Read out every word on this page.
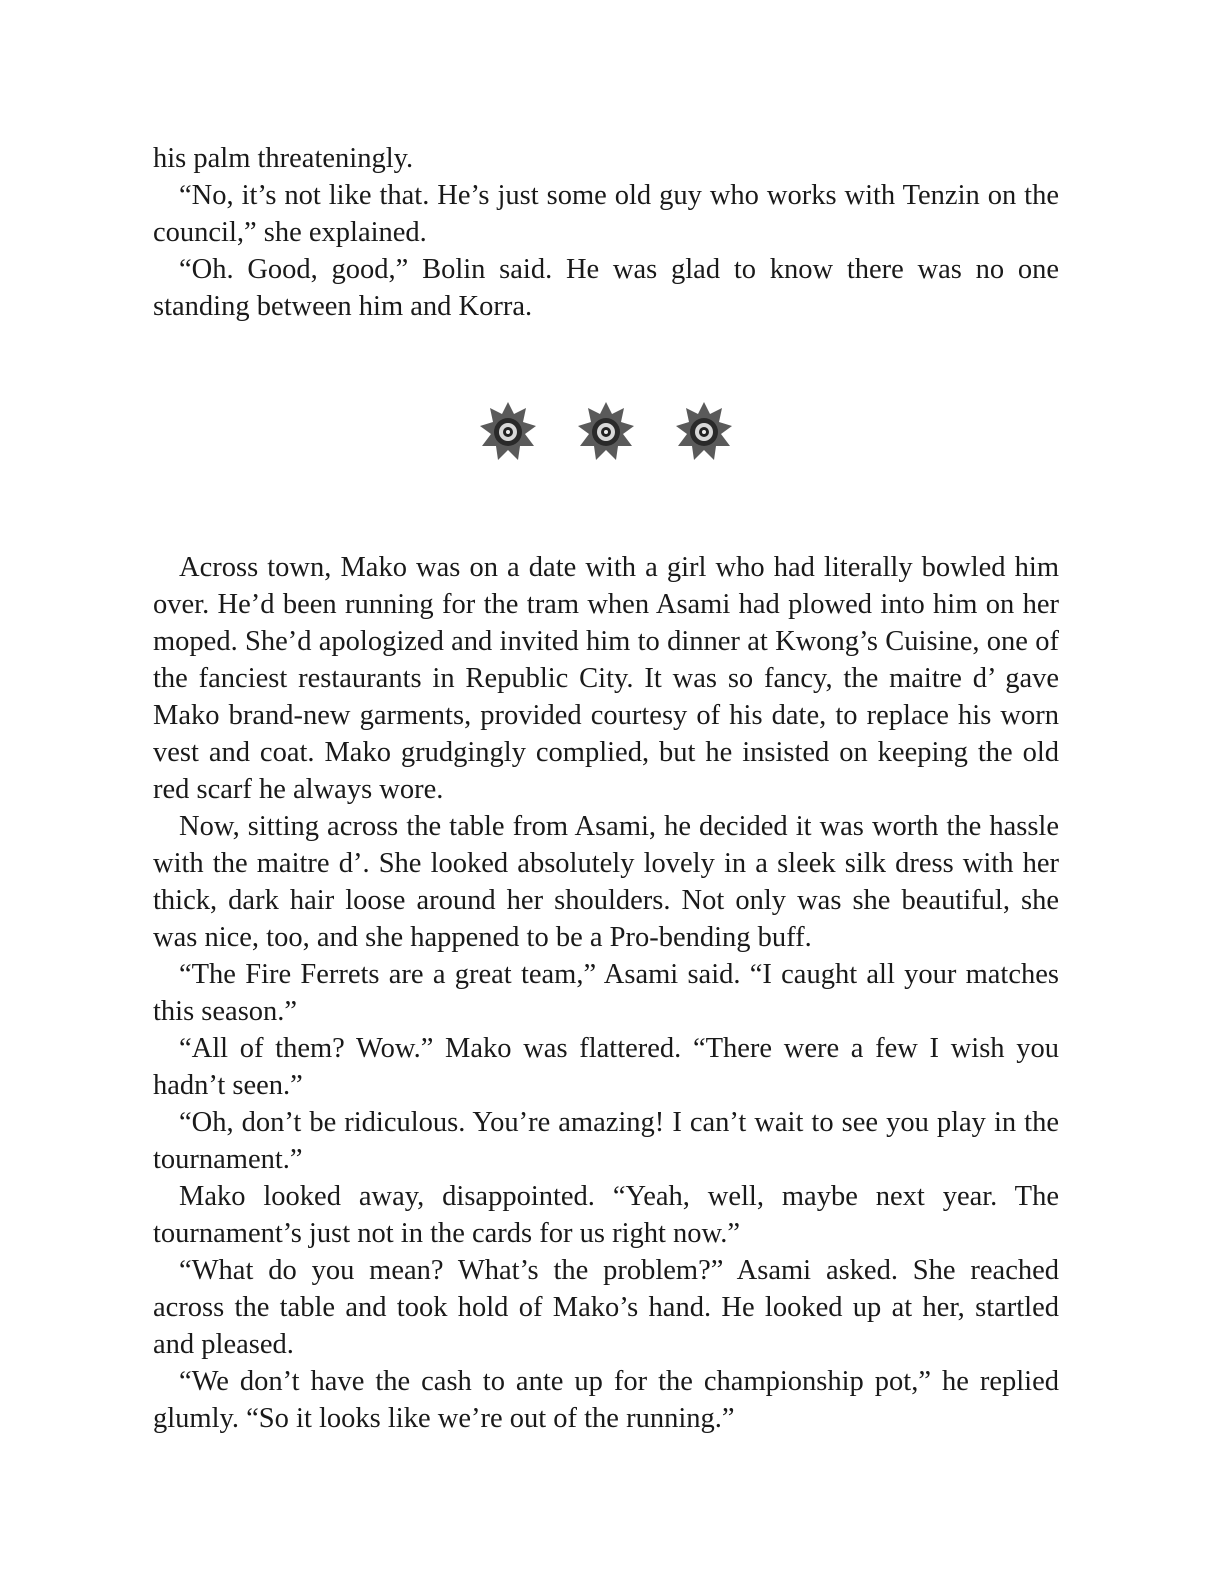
his palm threateningly.

“No, it’s not like that. He’s just some old guy who works with Tenzin on the council,” she explained.

“Oh. Good, good,” Bolin said. He was glad to know there was no one standing between him and Korra.

Across town, Mako was on a date with a girl who had literally bowled him over. He’d been running for the tram when Asami had plowed into him on her moped. She’d apologized and invited him to dinner at Kwong’s Cuisine, one of the fanciest restaurants in Republic City. It was so fancy, the maitre d’ gave Mako brand-new garments, provided courtesy of his date, to replace his worn vest and coat. Mako grudgingly complied, but he insisted on keeping the old red scarf he always wore.

Now, sitting across the table from Asami, he decided it was worth the hassle with the maitre d’. She looked absolutely lovely in a sleek silk dress with her thick, dark hair loose around her shoulders. Not only was she beautiful, she was nice, too, and she happened to be a Pro-bending buff.

“The Fire Ferrets are a great team,” Asami said. “I caught all your matches this season.”

“All of them? Wow.” Mako was flattered. “There were a few I wish you hadn’t seen.”

“Oh, don’t be ridiculous. You’re amazing! I can’t wait to see you play in the tournament.”

Mako looked away, disappointed. “Yeah, well, maybe next year. The tournament’s just not in the cards for us right now.”

“What do you mean? What’s the problem?” Asami asked. She reached across the table and took hold of Mako’s hand. He looked up at her, startled and pleased.

“We don’t have the cash to ante up for the championship pot,” he replied glumly. “So it looks like we’re out of the running.”
